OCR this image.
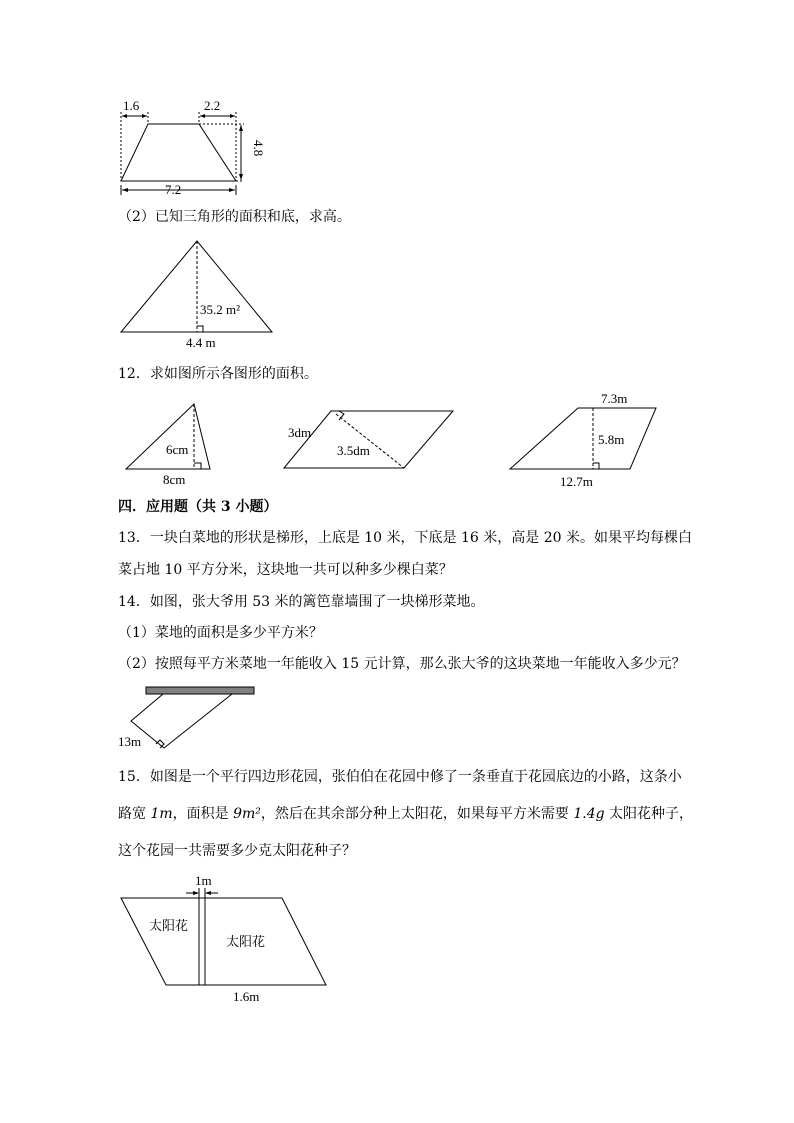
1.6	2.2
7.2
4.8
（2）已知三角形的面积和底，求高。
35.2 m²
4.4 m
12．求如图所示各图形的面积。
6cm
8cm
3dm
3.5dm
7.3m
5.8m
12.7m
四．应用题（共 3 小题）
13．一块白菜地的形状是梯形，上底是 10 米，下底是 16 米，高是 20 米。如果平均每棵白
菜占地 10 平方分米，这块地一共可以种多少棵白菜？
14．如图，张大爷用 53 米的篱笆靠墙围了一块梯形菜地。
（1）菜地的面积是多少平方米？
（2）按照每平方米菜地一年能收入 15 元计算，那么张大爷的这块菜地一年能收入多少元？
13m
15．如图是一个平行四边形花园，张伯伯在花园中修了一条垂直于花园底边的小路，这条小
路宽 1m，面积是 9m²，然后在其余部分种上太阳花，如果每平方米需要 1.4g 太阳花种子，
这个花园一共需要多少克太阳花种子？
1m
太阳花
太阳花
1.6m
